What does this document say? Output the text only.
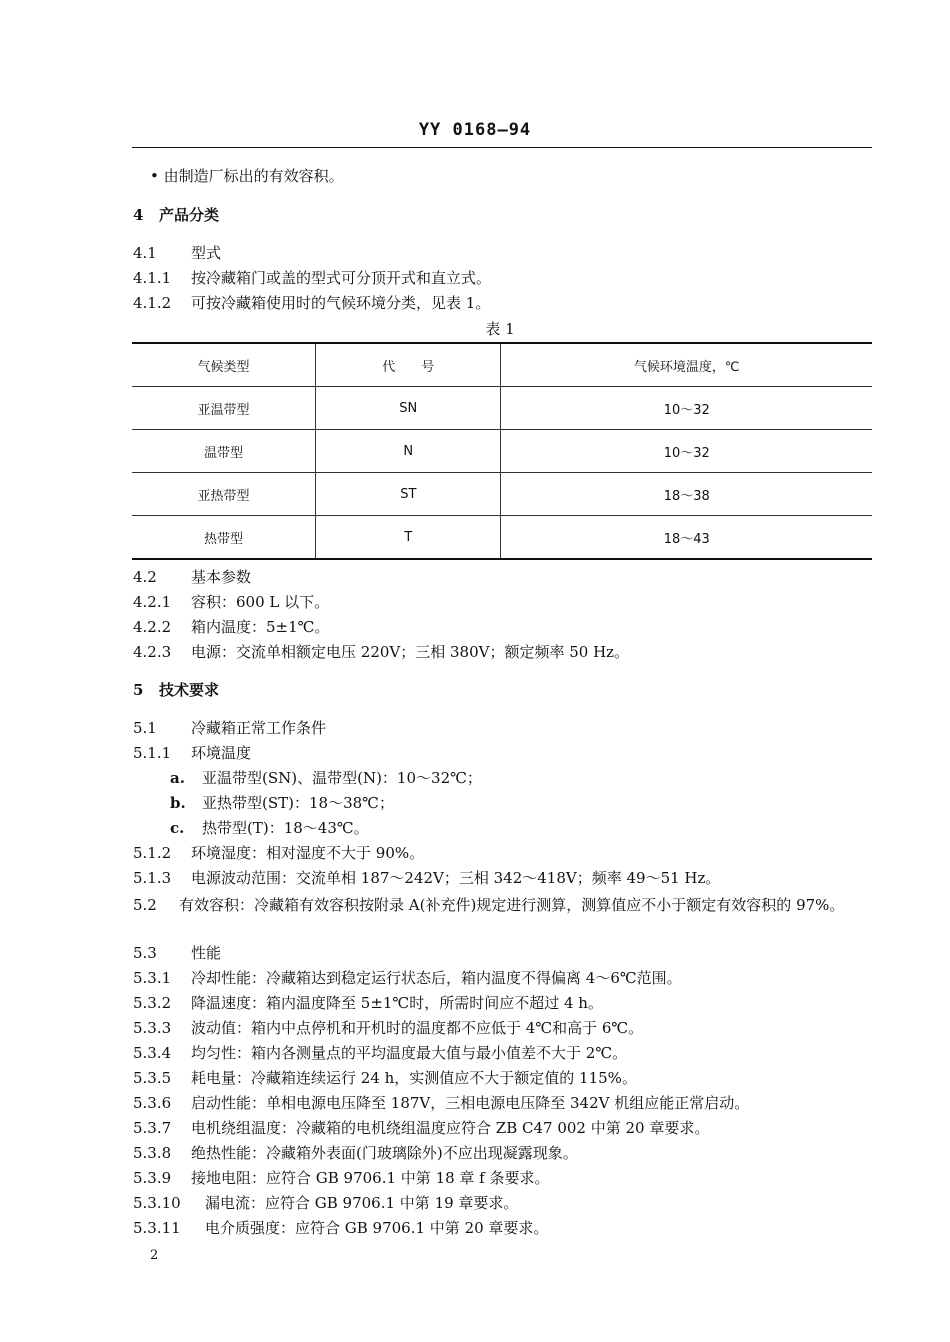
YY 0168—94
• 由制造厂标出的有效容积。
4 产品分类
4.1 型式
4.1.1 按冷藏箱门或盖的型式可分顶开式和直立式。
4.1.2 可按冷藏箱使用时的气候环境分类，见表 1。
表 1
气候类型	代　　号	气候环境温度，℃
亚温带型	SN	10～32
温带型	N	10～32
亚热带型	ST	18～38
热带型	T	18～43
4.2 基本参数
4.2.1 容积：600 L 以下。
4.2.2 箱内温度：5±1℃。
4.2.3 电源：交流单相额定电压 220V；三相 380V；额定频率 50 Hz。
5 技术要求
5.1 冷藏箱正常工作条件
5.1.1 环境温度
a. 亚温带型(SN)、温带型(N)：10～32℃；
b. 亚热带型(ST)：18～38℃；
c. 热带型(T)：18～43℃。
5.1.2 环境湿度：相对湿度不大于 90%。
5.1.3 电源波动范围：交流单相 187～242V；三相 342～418V；频率 49～51 Hz。
5.2 有效容积：冷藏箱有效容积按附录 A(补充件)规定进行测算，测算值应不小于额定有效容积的 97%。
5.3 性能
5.3.1 冷却性能：冷藏箱达到稳定运行状态后，箱内温度不得偏离 4～6℃范围。
5.3.2 降温速度：箱内温度降至 5±1℃时，所需时间应不超过 4 h。
5.3.3 波动值：箱内中点停机和开机时的温度都不应低于 4℃和高于 6℃。
5.3.4 均匀性：箱内各测量点的平均温度最大值与最小值差不大于 2℃。
5.3.5 耗电量：冷藏箱连续运行 24 h，实测值应不大于额定值的 115%。
5.3.6 启动性能：单相电源电压降至 187V，三相电源电压降至 342V 机组应能正常启动。
5.3.7 电机绕组温度：冷藏箱的电机绕组温度应符合 ZB C47 002 中第 20 章要求。
5.3.8 绝热性能：冷藏箱外表面(门玻璃除外)不应出现凝露现象。
5.3.9 接地电阻：应符合 GB 9706.1 中第 18 章 f 条要求。
5.3.10 漏电流：应符合 GB 9706.1 中第 19 章要求。
5.3.11 电介质强度：应符合 GB 9706.1 中第 20 章要求。
2
